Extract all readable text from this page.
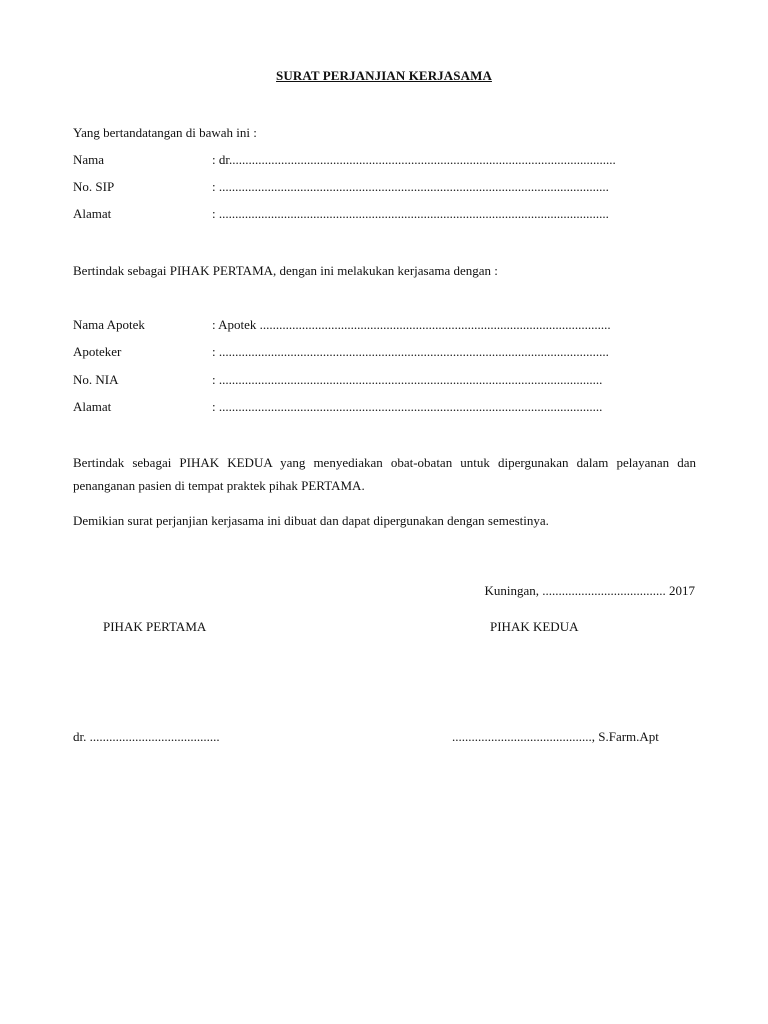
SURAT PERJANJIAN KERJASAMA
Yang bertandatangan di bawah ini :
Nama	: dr.......................................................................................................................
No. SIP	: ........................................................................................................................
Alamat	: ........................................................................................................................
Bertindak sebagai PIHAK PERTAMA, dengan ini melakukan kerjasama dengan :
Nama Apotek	: Apotek ............................................................................................................
Apoteker	: ........................................................................................................................
No. NIA	: ......................................................................................................................
Alamat	: ......................................................................................................................
Bertindak sebagai PIHAK KEDUA yang menyediakan obat-obatan untuk dipergunakan dalam pelayanan dan penanganan pasien di tempat praktek pihak PERTAMA.
Demikian surat perjanjian kerjasama ini dibuat dan dapat dipergunakan dengan semestinya.
Kuningan, ...................................... 2017
PIHAK PERTAMA	PIHAK KEDUA
dr. ........................................	..........................................., S.Farm.Apt
